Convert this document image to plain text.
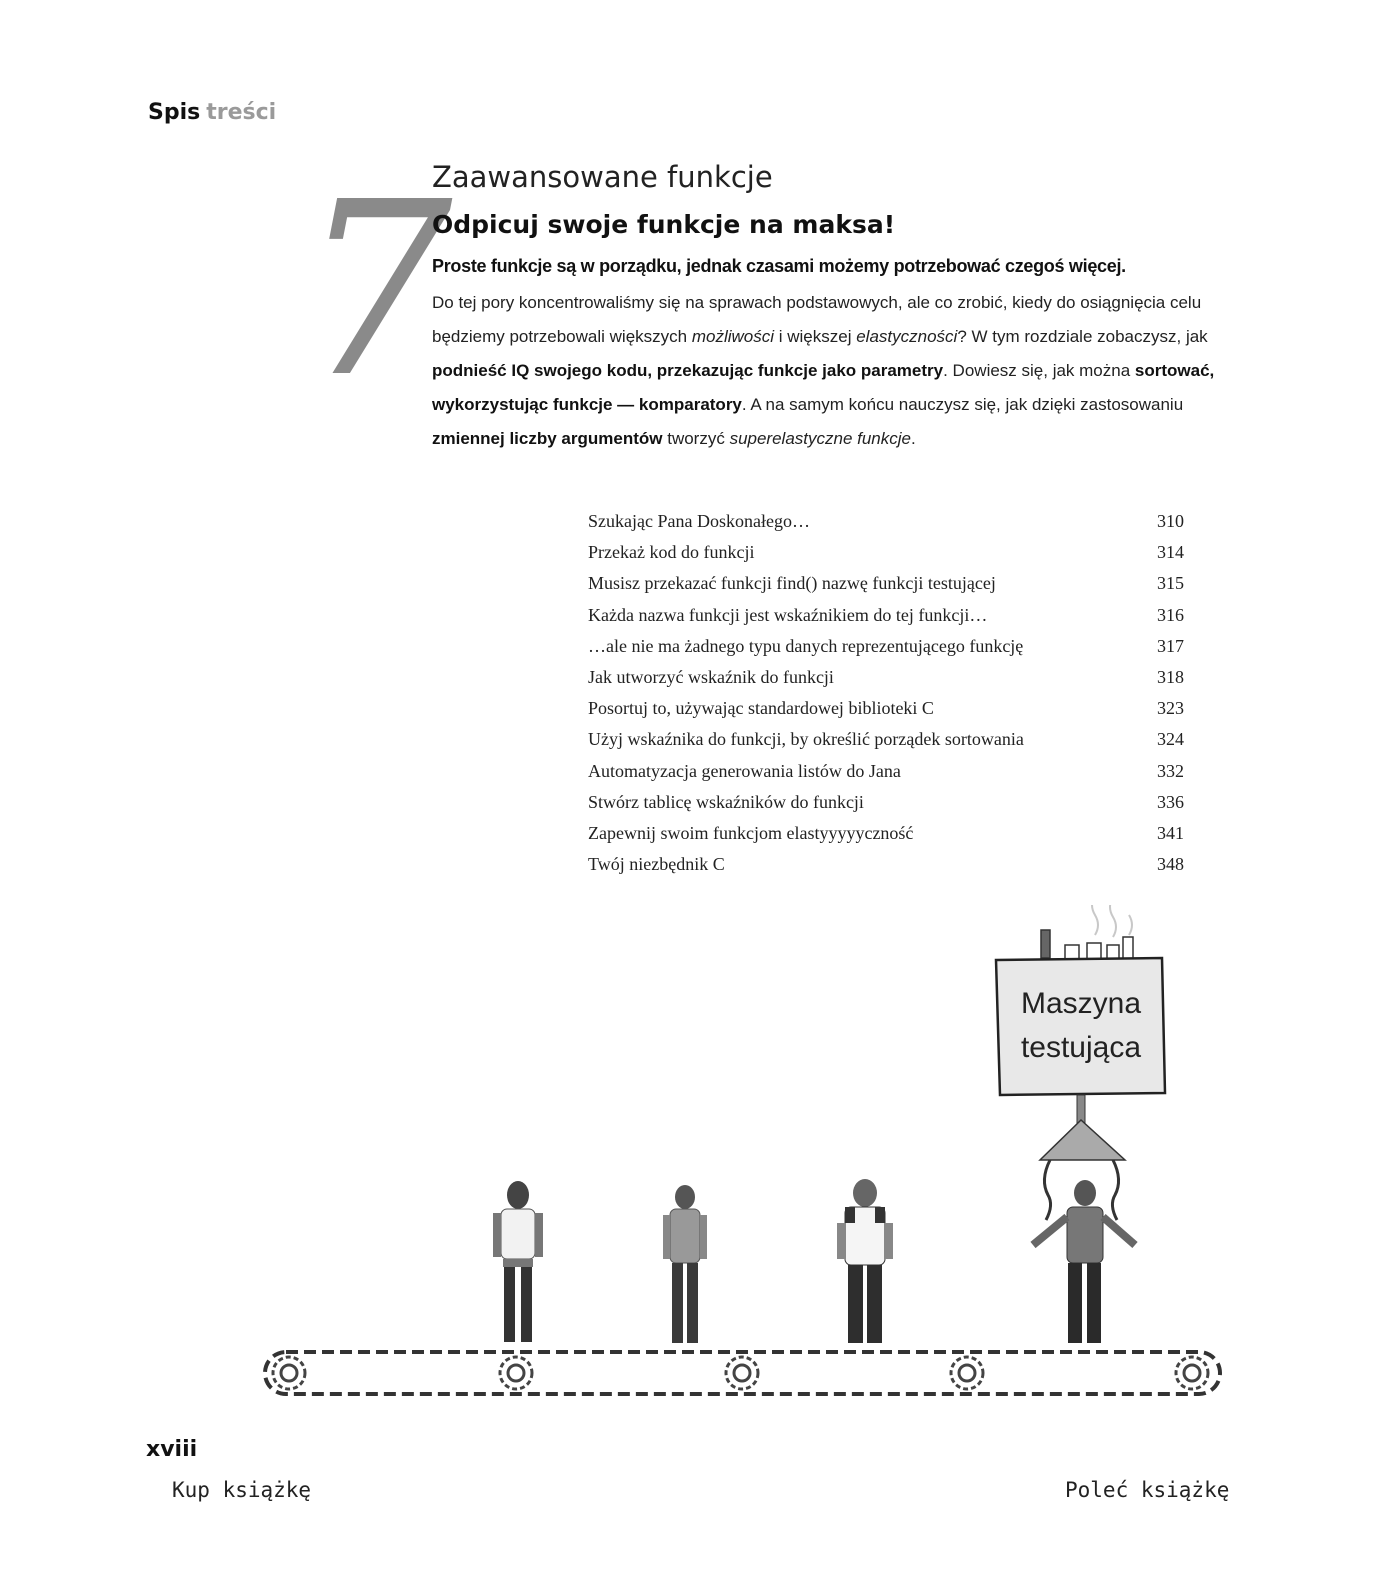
Spis treści
7
Zaawansowane funkcje
Odpicuj swoje funkcje na maksa!
Proste funkcje są w porządku, jednak czasami możemy potrzebować czegoś więcej.
Do tej pory koncentrowaliśmy się na sprawach podstawowych, ale co zrobić, kiedy do osiągnięcia celu będziemy potrzebowali większych możliwości i większej elastyczności? W tym rozdziale zobaczysz, jak podnieść IQ swojego kodu, przekazując funkcje jako parametry. Dowiesz się, jak można sortować, wykorzystując funkcje — komparatory. A na samym końcu nauczysz się, jak dzięki zastosowaniu zmiennej liczby argumentów tworzyć superelastyczne funkcje.
Szukając Pana Doskonałego…	310
Przekaż kod do funkcji	314
Musisz przekazać funkcji find() nazwę funkcji testującej	315
Każda nazwa funkcji jest wskaźnikiem do tej funkcji…	316
…ale nie ma żadnego typu danych reprezentującego funkcję	317
Jak utworzyć wskaźnik do funkcji	318
Posortuj to, używając standardowej biblioteki C	323
Użyj wskaźnika do funkcji, by określić porządek sortowania	324
Automatyzacja generowania listów do Jana	332
Stwórz tablicę wskaźników do funkcji	336
Zapewnij swoim funkcjom elastyyyyyczność	341
Twój niezbędnik C	348
Maszyna
testująca
xviii
Kup książkę	Poleć książkę
